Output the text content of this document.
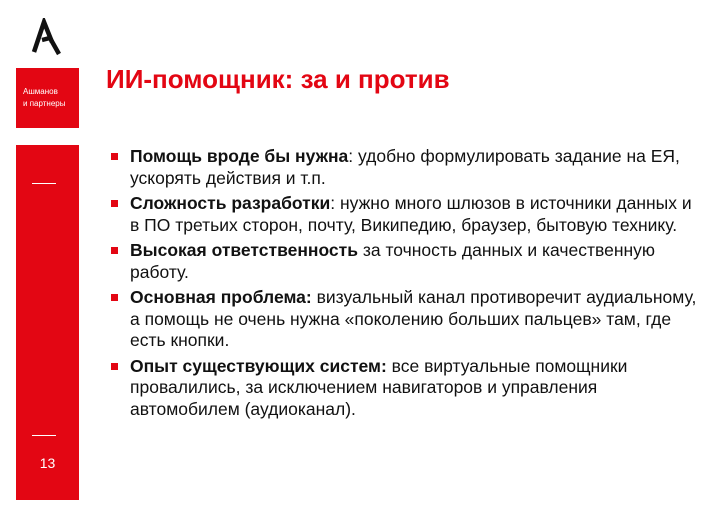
Ашманов
и партнеры
13
ИИ-помощник: за и против
Помощь вроде бы нужна: удобно формулировать задание на ЕЯ, ускорять действия и т.п.
Сложность разработки: нужно много шлюзов в источники данных и в ПО третьих сторон, почту, Википедию, браузер, бытовую технику.
Высокая ответственность за точность данных и качественную работу.
Основная проблема: визуальный канал противоречит аудиальному, а помощь не очень нужна «поколению больших пальцев» там, где есть кнопки.
Опыт существующих систем: все виртуальные помощники провалились, за исключением навигаторов и управления автомобилем (аудиоканал).
